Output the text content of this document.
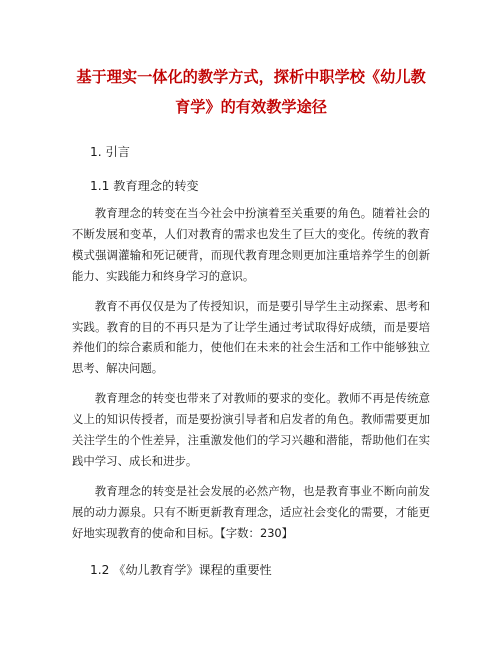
基于理实一体化的教学方式，探析中职学校《幼儿教育学》的有效教学途径

1. 引言

1.1 教育理念的转变

教育理念的转变在当今社会中扮演着至关重要的角色。随着社会的不断发展和变革，人们对教育的需求也发生了巨大的变化。传统的教育模式强调灌输和死记硬背，而现代教育理念则更加注重培养学生的创新能力、实践能力和终身学习的意识。

教育不再仅仅是为了传授知识，而是要引导学生主动探索、思考和实践。教育的目的不再只是为了让学生通过考试取得好成绩，而是要培养他们的综合素质和能力，使他们在未来的社会生活和工作中能够独立思考、解决问题。

教育理念的转变也带来了对教师的要求的变化。教师不再是传统意义上的知识传授者，而是要扮演引导者和启发者的角色。教师需要更加关注学生的个性差异，注重激发他们的学习兴趣和潜能，帮助他们在实践中学习、成长和进步。

教育理念的转变是社会发展的必然产物，也是教育事业不断向前发展的动力源泉。只有不断更新教育理念，适应社会变化的需要，才能更好地实现教育的使命和目标。【字数：230】

1.2 《幼儿教育学》课程的重要性
